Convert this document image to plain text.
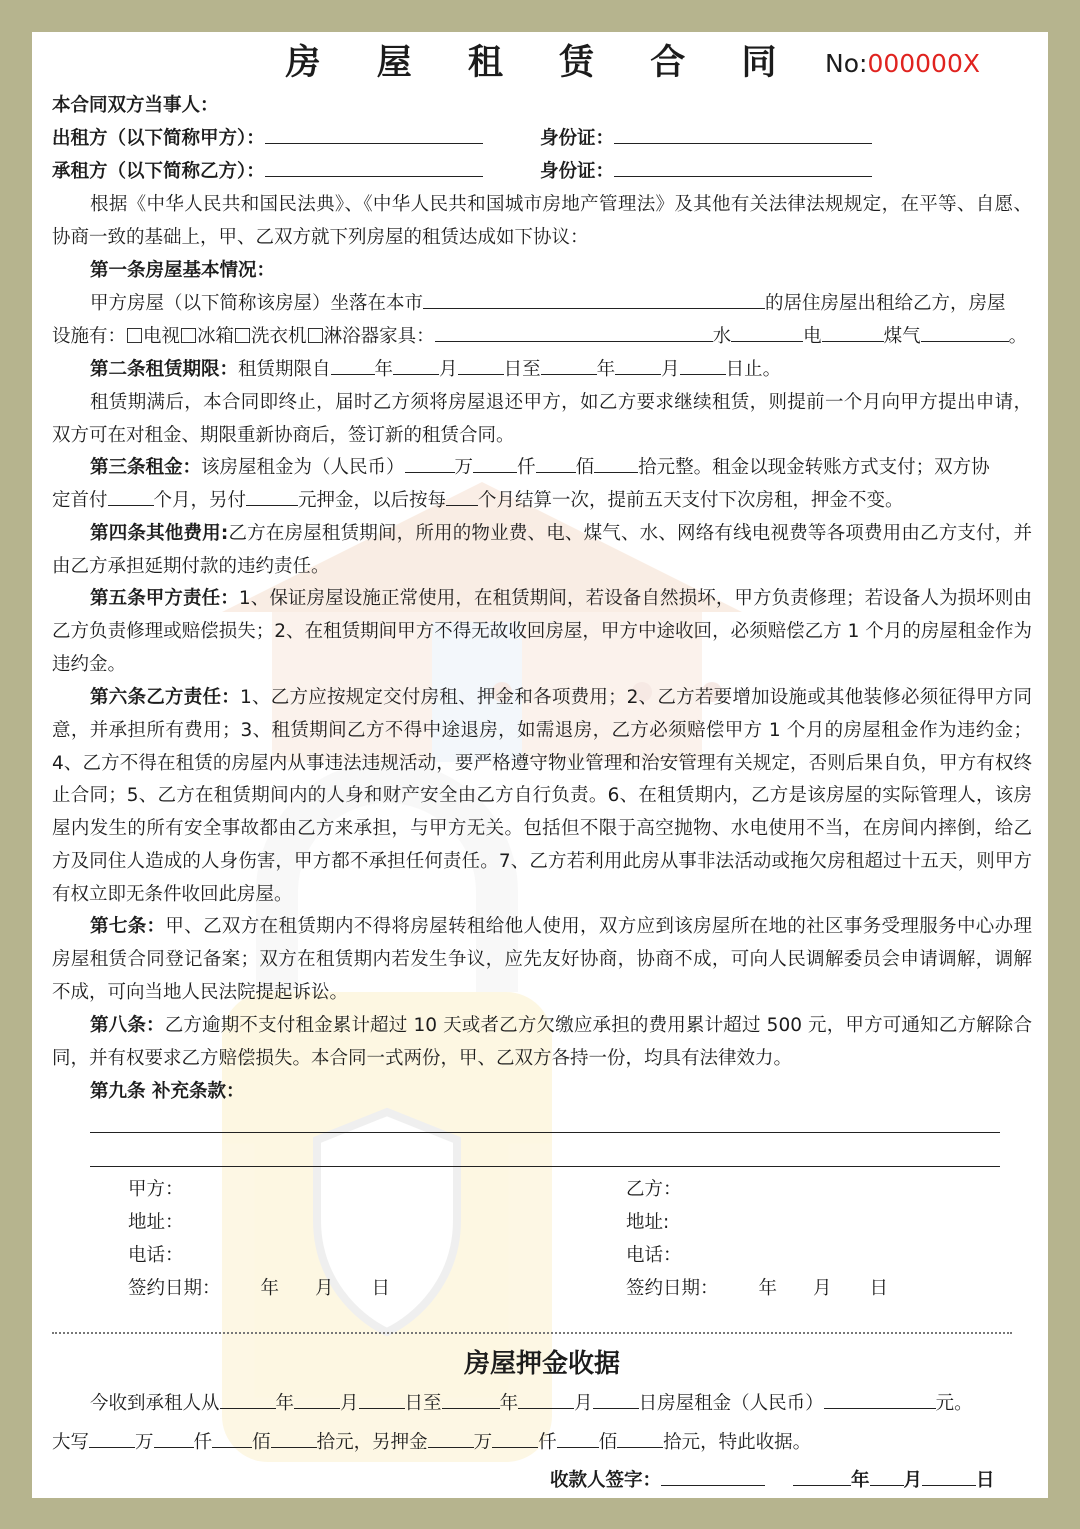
房 屋 租 赁 合 同	No:000000X
本合同双方当事人：
出租方（以下简称甲方）：	身份证：
承租方（以下简称乙方）：	身份证：
根据《中华人民共和国民法典》、《中华人民共和国城市房地产管理法》及其他有关法律法规规定，在平等、自愿、协商一致的基础上，甲、乙双方就下列房屋的租赁达成如下协议：
第一条房屋基本情况：
甲方房屋（以下简称该房屋）坐落在本市	的居住房屋出租给乙方，房屋
设施有： 电视 冰箱 洗衣机 淋浴器家具：	水	电	煤气	。
第二条租赁期限：租赁期限自 年 月 日至	年 月 日止。
租赁期满后，本合同即终止，届时乙方须将房屋退还甲方，如乙方要求继续租赁，则提前一个月向甲方提出申请，双方可在对租金、期限重新协商后，签订新的租赁合同。
第三条租金：该房屋租金为（人民币）	万 仟 佰 拾元整。租金以现金转账方式支付；双方协
定首付 个月，另付	元押金，以后按每 个月结算一次，提前五天支付下次房租，押金不变。
第四条其他费用:乙方在房屋租赁期间，所用的物业费、电、煤气、水、网络有线电视费等各项费用由乙方支付，并由乙方承担延期付款的违约责任。
第五条甲方责任：1、保证房屋设施正常使用，在租赁期间，若设备自然损坏，甲方负责修理；若设备人为损坏则由乙方负责修理或赔偿损失；2、在租赁期间甲方不得无故收回房屋，甲方中途收回，必须赔偿乙方 1 个月的房屋租金作为违约金。
第六条乙方责任：1、乙方应按规定交付房租、押金和各项费用；2、乙方若要增加设施或其他装修必须征得甲方同意，并承担所有费用；3、租赁期间乙方不得中途退房，如需退房，乙方必须赔偿甲方 1 个月的房屋租金作为违约金；4、乙方不得在租赁的房屋内从事违法违规活动，要严格遵守物业管理和治安管理有关规定，否则后果自负，甲方有权终止合同；5、乙方在租赁期间内的人身和财产安全由乙方自行负责。6、在租赁期内，乙方是该房屋的实际管理人，该房屋内发生的所有安全事故都由乙方来承担，与甲方无关。包括但不限于高空抛物、水电使用不当，在房间内摔倒，给乙方及同住人造成的人身伤害，甲方都不承担任何责任。7、乙方若利用此房从事非法活动或拖欠房租超过十五天，则甲方有权立即无条件收回此房屋。
第七条：甲、乙双方在租赁期内不得将房屋转租给他人使用，双方应到该房屋所在地的社区事务受理服务中心办理房屋租赁合同登记备案；双方在租赁期内若发生争议，应先友好协商，协商不成，可向人民调解委员会申请调解，调解不成，可向当地人民法院提起诉讼。
第八条：乙方逾期不支付租金累计超过 10 天或者乙方欠缴应承担的费用累计超过 500 元，甲方可通知乙方解除合同，并有权要求乙方赔偿损失。本合同一式两份，甲、乙双方各持一份，均具有法律效力。
第九条 补充条款：
甲方：	乙方：
地址：	地址:
电话：	电话：
签约日期： 年 月 日	签约日期： 年 月 日
房屋押金收据
今收到承租人从	年 月 日至	年	月 日房屋租金（人民币）	元。
大写 万 仟 佰 拾元，另押金 万 仟 佰 拾元，特此收据。
收款人签字：	年 月	日
